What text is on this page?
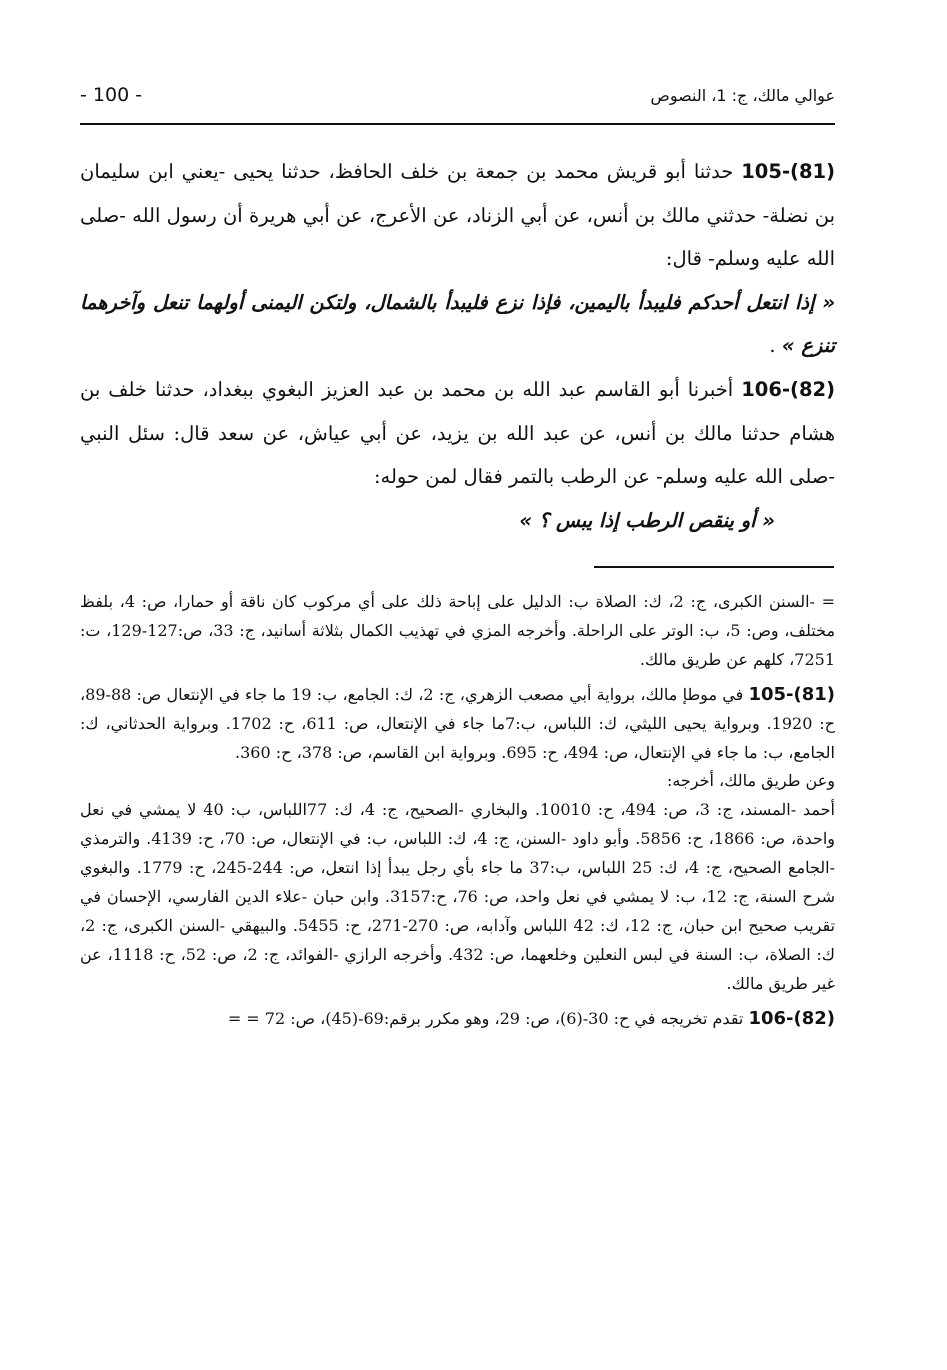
- 100 -	عوالي مالك، ج: 1، النصوص

105-(81) حدثنا أبو قريش محمد بن جمعة بن خلف الحافظ، حدثنا يحيى -يعني ابن سليمان بن نضلة- حدثني مالك بن أنس، عن أبي الزناد، عن الأعرج، عن أبي هريرة أن رسول الله -صلى الله عليه وسلم- قال:

« إذا انتعل أحدكم فليبدأ باليمين، فإذا نزع فليبدأ بالشمال، ولتكن اليمنى أولهما تنعل وآخرهما تنزع » .

106-(82) أخبرنا أبو القاسم عبد الله بن محمد بن عبد العزيز البغوي ببغداد، حدثنا خلف بن هشام حدثنا مالك بن أنس، عن عبد الله بن يزيد، عن أبي عياش، عن سعد قال: سئل النبي -صلى الله عليه وسلم- عن الرطب بالتمر فقال لمن حوله:

« أو ينقص الرطب إذا يبس ؟ »

= -السنن الكبرى، ج: 2، ك: الصلاة ب: الدليل على إباحة ذلك على أي مركوب كان ناقة أو حمارا، ص: 4، بلفظ مختلف، وص: 5، ب: الوتر على الراحلة. وأخرجه المزي في تهذيب الكمال بثلاثة أسانيد، ج: 33، ص:127-129، ت: 7251، كلهم عن طريق مالك.

105-(81) في موطإ مالك، برواية أبي مصعب الزهري، ج: 2، ك: الجامع، ب: 19 ما جاء في الإنتعال ص: 88-89، ح: 1920. وبرواية يحيى الليثي، ك: اللباس، ب:7ما جاء في الإنتعال، ص: 611، ح: 1702. وبرواية الحدثاني، ك: الجامع، ب: ما جاء في الإنتعال، ص: 494، ح: 695. وبرواية ابن القاسم، ص: 378، ح: 360.

وعن طريق مالك، أخرجه:

أحمد -المسند، ج: 3، ص: 494، ح: 10010. والبخاري -الصحيح، ج: 4، ك: 77اللباس، ب: 40 لا يمشي في نعل واحدة، ص: 1866، ح: 5856. وأبو داود -السنن، ج: 4، ك: اللباس، ب: في الإنتعال، ص: 70، ح: 4139. والترمذي -الجامع الصحيح، ج: 4، ك: 25 اللباس، ب:37 ما جاء بأي رجل يبدأ إذا انتعل، ص: 244-245، ح: 1779. والبغوي شرح السنة، ج: 12، ب: لا يمشي في نعل واحد، ص: 76، ح:3157. وابن حبان -علاء الدين الفارسي، الإحسان في تقريب صحيح ابن حبان، ج: 12، ك: 42 اللباس وآدابه، ص: 270-271، ح: 5455. والبيهقي -السنن الكبرى، ج: 2، ك: الصلاة، ب: السنة في لبس النعلين وخلعهما، ص: 432. وأخرجه الرازي -الفوائد، ج: 2، ص: 52، ح: 1118، عن غير طريق مالك.

106-(82) تقدم تخريجه في ح: 30-(6)، ص: 29، وهو مكرر برقم:69-(45)، ص: 72 = =
